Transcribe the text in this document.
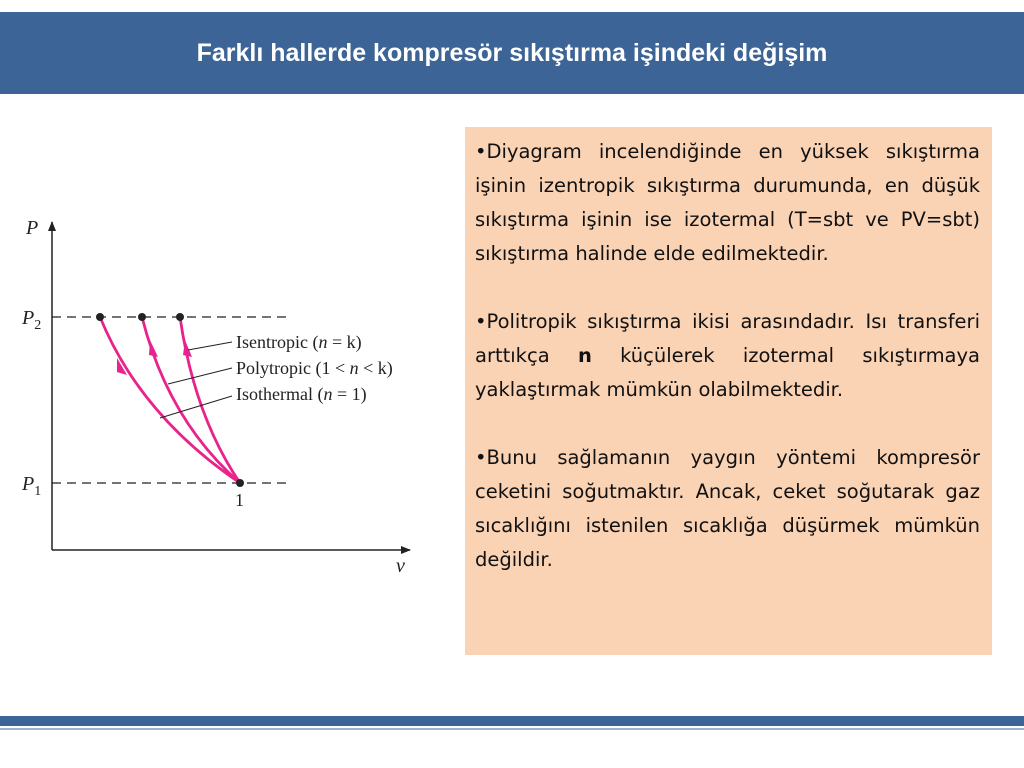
Farklı hallerde kompresör sıkıştırma işindeki değişim
P
v
$P_2$
$P_1$	1
Isentropic (n = k)
Polytropic (1 < n < k)
Isothermal (n = 1)

•Diyagram incelendiğinde en yüksek sıkıştırma işinin izentropik sıkıştırma durumunda, en düşük sıkıştırma işinin ise izotermal (T=sbt ve PV=sbt) sıkıştırma halinde elde edilmektedir.

•Politropik sıkıştırma ikisi arasındadır. Isı transferi arttıkça n küçülerek izotermal sıkıştırmaya yaklaştırmak mümkün olabilmektedir.

•Bunu sağlamanın yaygın yöntemi kompresör ceketini soğutmaktır. Ancak, ceket soğutarak gaz sıcaklığını istenilen sıcaklığa düşürmek mümkün değildir.
